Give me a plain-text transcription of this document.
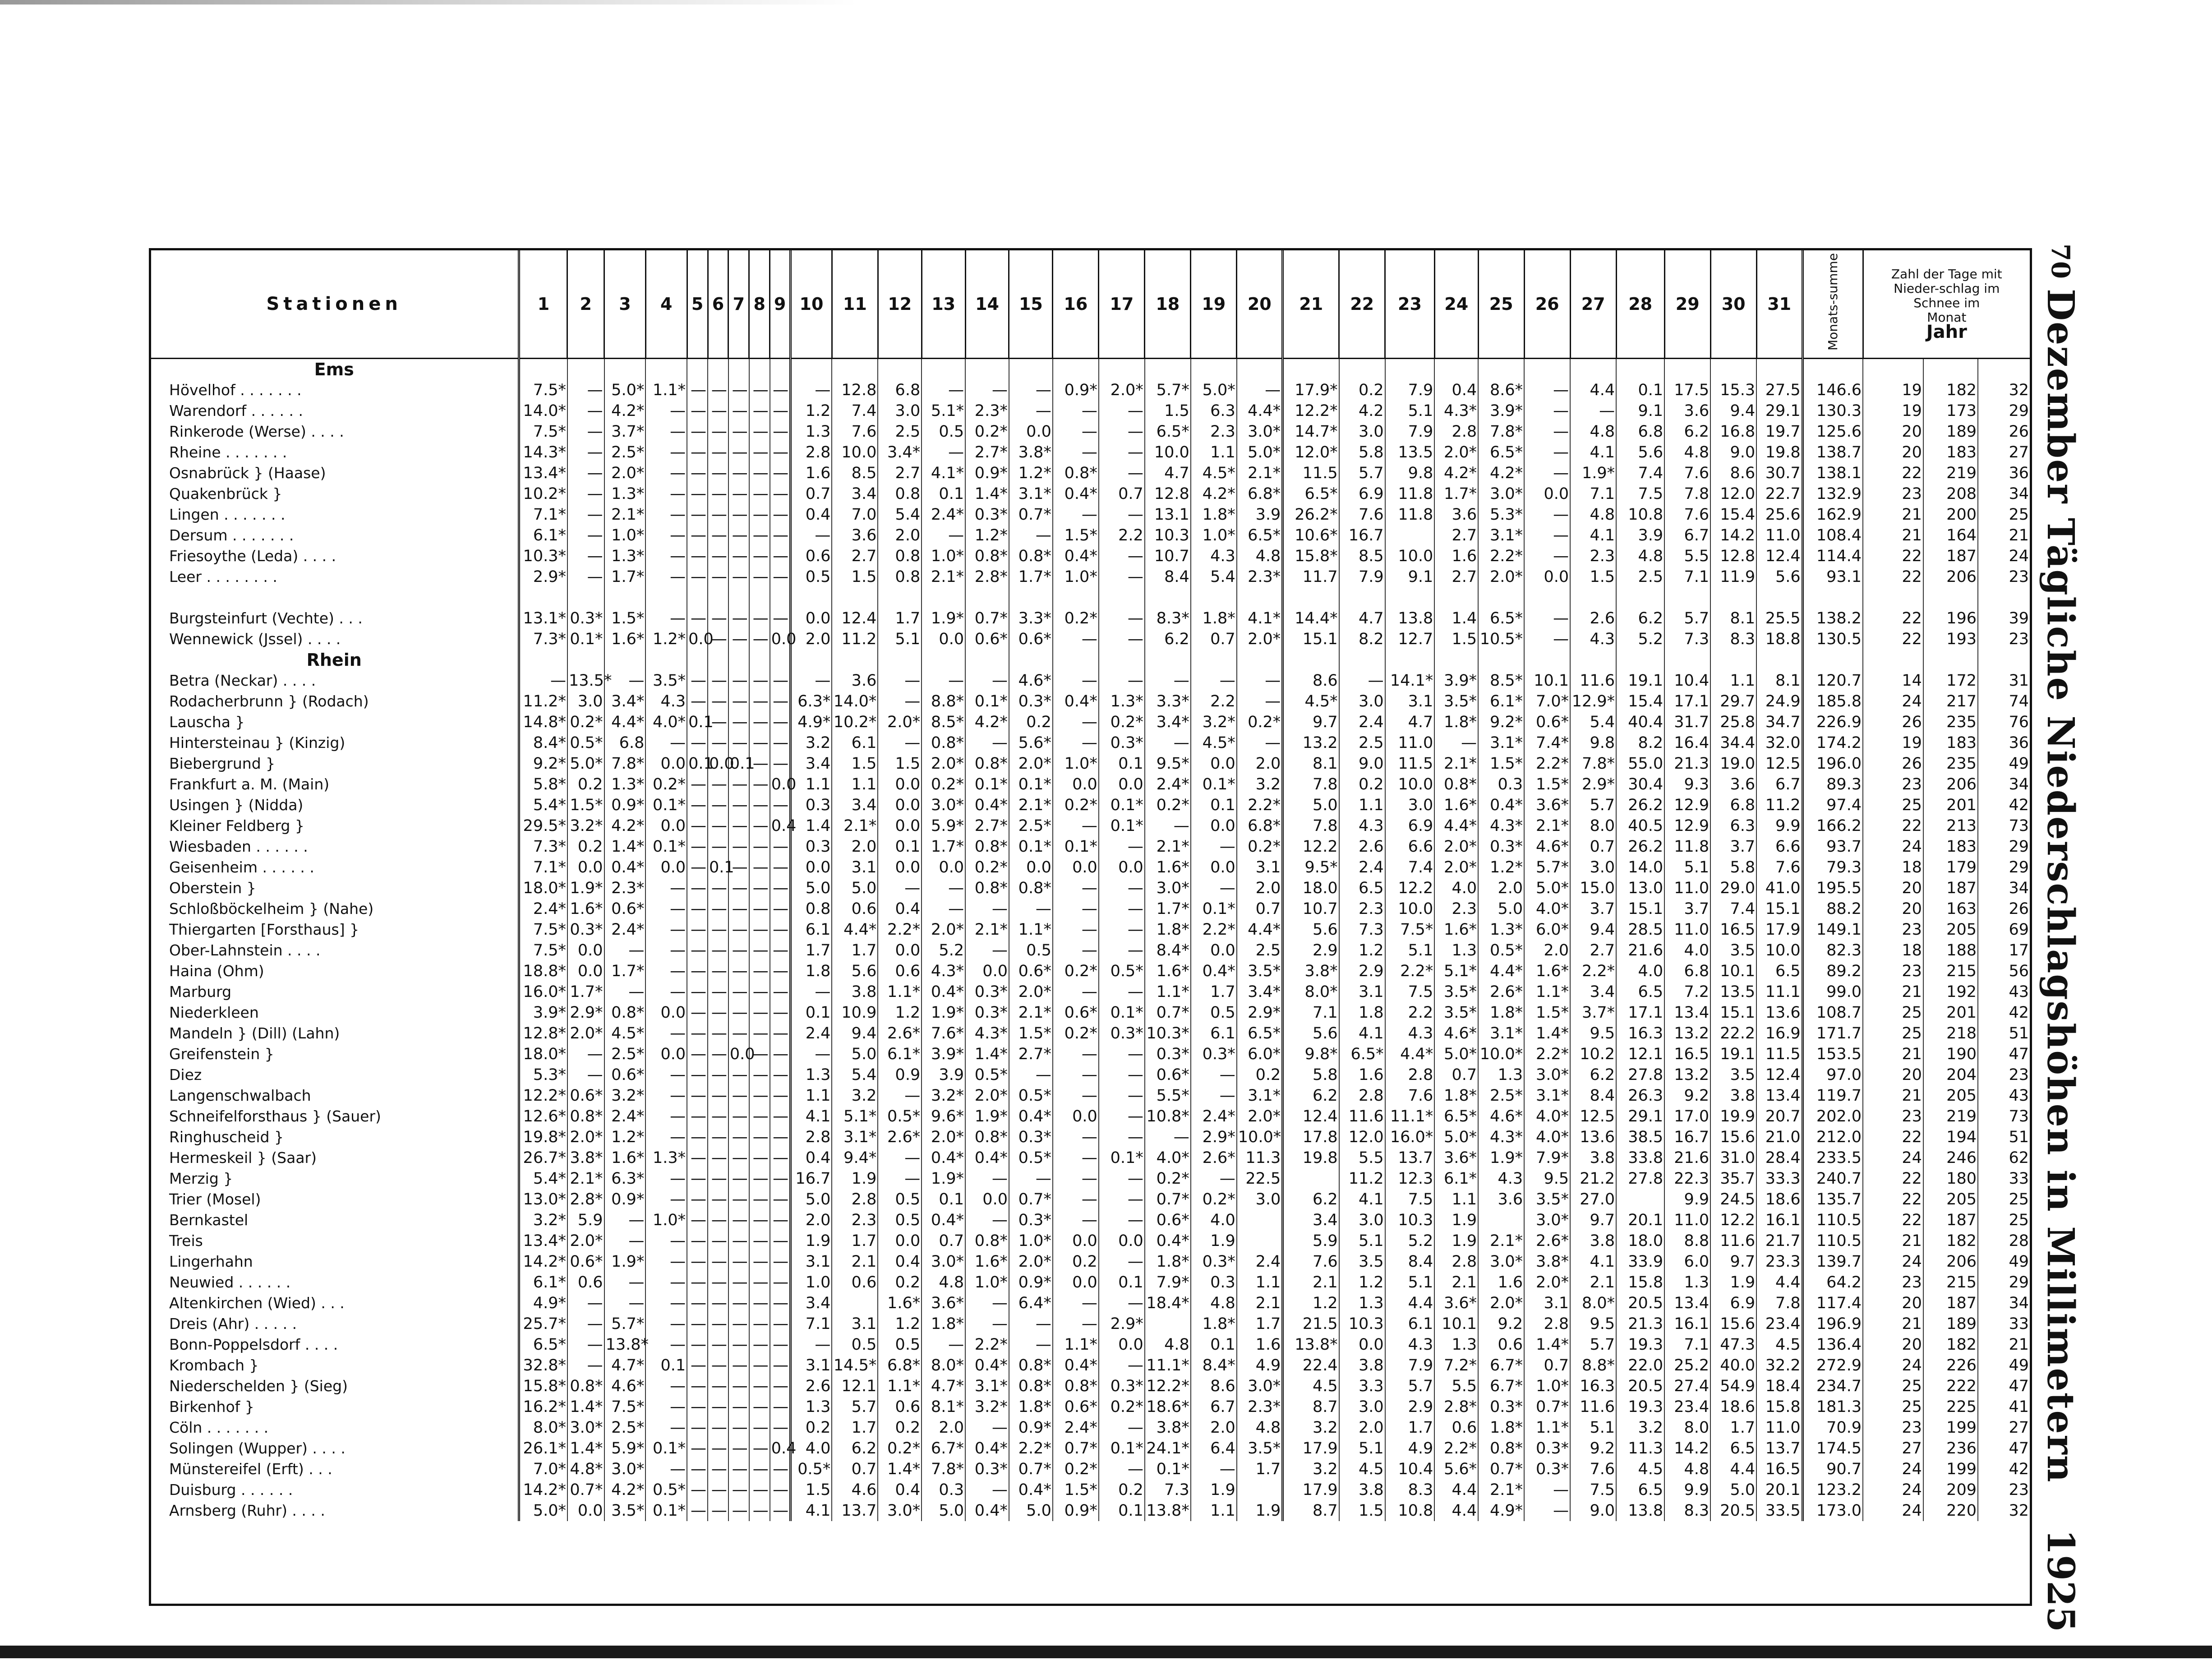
70
Dezember Tägliche Niederschlagshöhen in Millimetern
1925
Stationen	1	2	3	4	5	6	7	8	9	10	11	12	13	14	15	16	17	18	19	20	21	22	23	24	25	26	27	28	29	30	31	Monats-summe	Zahl der Tage mit
Nieder-schlag im
Schnee im
Monat
Jahr		

Ems																																			
Hövelhof . . . . . . .	7.5*	—	5.0*	1.1*	—	—	—	—	—	—	12.8	6.8	—	—	—	0.9*	2.0*	5.7*	5.0*	—	17.9*	0.2	7.9	0.4	8.6*	—	4.4	0.1	17.5	15.3	27.5	146.6	19	182	32
Warendorf . . . . . .	14.0*	—	4.2*	—	—	—	—	—	—	1.2	7.4	3.0	5.1*	2.3*	—	—	—	1.5	6.3	4.4*	12.2*	4.2	5.1	4.3*	3.9*	—	—	9.1	3.6	9.4	29.1	130.3	19	173	29
Rinkerode (Werse) . . . .	7.5*	—	3.7*	—	—	—	—	—	—	1.3	7.6	2.5	0.5	0.2*	0.0	—	—	6.5*	2.3	3.0*	14.7*	3.0	7.9	2.8	7.8*	—	4.8	6.8	6.2	16.8	19.7	125.6	20	189	26
Rheine . . . . . . .	14.3*	—	2.5*	—	—	—	—	—	—	2.8	10.0	3.4*	—	2.7*	3.8*	—	—	10.0	1.1	5.0*	12.0*	5.8	13.5	2.0*	6.5*	—	4.1	5.6	4.8	9.0	19.8	138.7	20	183	27
Osnabrück } (Haase)	13.4*	—	2.0*	—	—	—	—	—	—	1.6	8.5	2.7	4.1*	0.9*	1.2*	0.8*	—	4.7	4.5*	2.1*	11.5	5.7	9.8	4.2*	4.2*	—	1.9*	7.4	7.6	8.6	30.7	138.1	22	219	36
Quakenbrück }	10.2*	—	1.3*	—	—	—	—	—	—	0.7	3.4	0.8	0.1	1.4*	3.1*	0.4*	0.7	12.8	4.2*	6.8*	6.5*	6.9	11.8	1.7*	3.0*	0.0	7.1	7.5	7.8	12.0	22.7	132.9	23	208	34
Lingen . . . . . . .	7.1*	—	2.1*	—	—	—	—	—	—	0.4	7.0	5.4	2.4*	0.3*	0.7*	—	—	13.1	1.8*	3.9	26.2*	7.6	11.8	3.6	5.3*	—	4.8	10.8	7.6	15.4	25.6	162.9	21	200	25
Dersum . . . . . . .	6.1*	—	1.0*	—	—	—	—	—	—	—	3.6	2.0	—	1.2*	—	1.5*	2.2	10.3	1.0*	6.5*	10.6*	16.7		2.7	3.1*	—	4.1	3.9	6.7	14.2	11.0	108.4	21	164	21
Friesoythe (Leda) . . . .	10.3*	—	1.3*	—	—	—	—	—	—	0.6	2.7	0.8	1.0*	0.8*	0.8*	0.4*	—	10.7	4.3	4.8	15.8*	8.5	10.0	1.6	2.2*	—	2.3	4.8	5.5	12.8	12.4	114.4	22	187	24
Leer . . . . . . . .	2.9*	—	1.7*	—	—	—	—	—	—	0.5	1.5	0.8	2.1*	2.8*	1.7*	1.0*	—	8.4	5.4	2.3*	11.7	7.9	9.1	2.7	2.0*	0.0	1.5	2.5	7.1	11.9	5.6	93.1	22	206	23

Burgsteinfurt (Vechte) . . .	13.1*	0.3*	1.5*	—	—	—	—	—	—	0.0	12.4	1.7	1.9*	0.7*	3.3*	0.2*	—	8.3*	1.8*	4.1*	14.4*	4.7	13.8	1.4	6.5*	—	2.6	6.2	5.7	8.1	25.5	138.2	22	196	39
Wennewick (Jssel) . . . .	7.3*	0.1*	1.6*	1.2*	0.0	—	—	—	0.0	2.0	11.2	5.1	0.0	0.6*	0.6*	—	—	6.2	0.7	2.0*	15.1	8.2	12.7	1.5	10.5*	—	4.3	5.2	7.3	8.3	18.8	130.5	22	193	23
Rhein																																			
Betra (Neckar) . . . .	—	13.5*	—	3.5*	—	—	—	—	—	—	3.6	—	—	—	4.6*	—	—	—	—	—	8.6	—	14.1*	3.9*	8.5*	10.1	11.6	19.1	10.4	1.1	8.1	120.7	14	172	31
Rodacherbrunn } (Rodach)	11.2*	3.0	3.4*	4.3	—	—	—	—	—	6.3*	14.0*	—	8.8*	0.1*	0.3*	0.4*	1.3*	3.3*	2.2	—	4.5*	3.0	3.1	3.5*	6.1*	7.0*	12.9*	15.4	17.1	29.7	24.9	185.8	24	217	74
Lauscha }	14.8*	0.2*	4.4*	4.0*	0.1	—	—	—	—	4.9*	10.2*	2.0*	8.5*	4.2*	0.2	—	0.2*	3.4*	3.2*	0.2*	9.7	2.4	4.7	1.8*	9.2*	0.6*	5.4	40.4	31.7	25.8	34.7	226.9	26	235	76
Hintersteinau } (Kinzig)	8.4*	0.5*	6.8	—	—	—	—	—	—	3.2	6.1	—	0.8*	—	5.6*	—	0.3*	—	4.5*	—	13.2	2.5	11.0	—	3.1*	7.4*	9.8	8.2	16.4	34.4	32.0	174.2	19	183	36
Biebergrund }	9.2*	5.0*	7.8*	0.0	0.1	0.0	0.1	—	—	3.4	1.5	1.5	2.0*	0.8*	2.0*	1.0*	0.1	9.5*	0.0	2.0	8.1	9.0	11.5	2.1*	1.5*	2.2*	7.8*	55.0	21.3	19.0	12.5	196.0	26	235	49
Frankfurt a. M. (Main)	5.8*	0.2	1.3*	0.2*	—	—	—	—	0.0	1.1	1.1	0.0	0.2*	0.1*	0.1*	0.0	0.0	2.4*	0.1*	3.2	7.8	0.2	10.0	0.8*	0.3	1.5*	2.9*	30.4	9.3	3.6	6.7	89.3	23	206	34
Usingen } (Nidda)	5.4*	1.5*	0.9*	0.1*	—	—	—	—	—	0.3	3.4	0.0	3.0*	0.4*	2.1*	0.2*	0.1*	0.2*	0.1	2.2*	5.0	1.1	3.0	1.6*	0.4*	3.6*	5.7	26.2	12.9	6.8	11.2	97.4	25	201	42
Kleiner Feldberg }	29.5*	3.2*	4.2*	0.0	—	—	—	—	0.4	1.4	2.1*	0.0	5.9*	2.7*	2.5*	—	0.1*	—	0.0	6.8*	7.8	4.3	6.9	4.4*	4.3*	2.1*	8.0	40.5	12.9	6.3	9.9	166.2	22	213	73
Wiesbaden . . . . . .	7.3*	0.2	1.4*	0.1*	—	—	—	—	—	0.3	2.0	0.1	1.7*	0.8*	0.1*	0.1*	—	2.1*	—	0.2*	12.2	2.6	6.6	2.0*	0.3*	4.6*	0.7	26.2	11.8	3.7	6.6	93.7	24	183	29
Geisenheim . . . . . .	7.1*	0.0	0.4*	0.0	—	0.1	—	—	—	0.0	3.1	0.0	0.0	0.2*	0.0	0.0	0.0	1.6*	0.0	3.1	9.5*	2.4	7.4	2.0*	1.2*	5.7*	3.0	14.0	5.1	5.8	7.6	79.3	18	179	29
Oberstein }	18.0*	1.9*	2.3*	—	—	—	—	—	—	5.0	5.0	—	—	0.8*	0.8*	—	—	3.0*	—	2.0	18.0	6.5	12.2	4.0	2.0	5.0*	15.0	13.0	11.0	29.0	41.0	195.5	20	187	34
Schloßböckelheim } (Nahe)	2.4*	1.6*	0.6*	—	—	—	—	—	—	0.8	0.6	0.4	—	—	—	—	—	1.7*	0.1*	0.7	10.7	2.3	10.0	2.3	5.0	4.0*	3.7	15.1	3.7	7.4	15.1	88.2	20	163	26
Thiergarten [Forsthaus] }	7.5*	0.3*	2.4*	—	—	—	—	—	—	6.1	4.4*	2.2*	2.0*	2.1*	1.1*	—	—	1.8*	2.2*	4.4*	5.6	7.3	7.5*	1.6*	1.3*	6.0*	9.4	28.5	11.0	16.5	17.9	149.1	23	205	69
Ober-Lahnstein . . . .	7.5*	0.0	—	—	—	—	—	—	—	1.7	1.7	0.0	5.2	—	0.5	—	—	8.4*	0.0	2.5	2.9	1.2	5.1	1.3	0.5*	2.0	2.7	21.6	4.0	3.5	10.0	82.3	18	188	17
Haina (Ohm)	18.8*	0.0	1.7*	—	—	—	—	—	—	1.8	5.6	0.6	4.3*	0.0	0.6*	0.2*	0.5*	1.6*	0.4*	3.5*	3.8*	2.9	2.2*	5.1*	4.4*	1.6*	2.2*	4.0	6.8	10.1	6.5	89.2	23	215	56
Marburg	16.0*	1.7*	—	—	—	—	—	—	—	—	3.8	1.1*	0.4*	0.3*	2.0*	—	—	1.1*	1.7	3.4*	8.0*	3.1	7.5	3.5*	2.6*	1.1*	3.4	6.5	7.2	13.5	11.1	99.0	21	192	43
Niederkleen	3.9*	2.9*	0.8*	0.0	—	—	—	—	—	0.1	10.9	1.2	1.9*	0.3*	2.1*	0.6*	0.1*	0.7*	0.5	2.9*	7.1	1.8	2.2	3.5*	1.8*	1.5*	3.7*	17.1	13.4	15.1	13.6	108.7	25	201	42
Mandeln } (Dill) (Lahn)	12.8*	2.0*	4.5*	—	—	—	—	—	—	2.4	9.4	2.6*	7.6*	4.3*	1.5*	0.2*	0.3*	10.3*	6.1	6.5*	5.6	4.1	4.3	4.6*	3.1*	1.4*	9.5	16.3	13.2	22.2	16.9	171.7	25	218	51
Greifenstein }	18.0*	—	2.5*	0.0	—	—	0.0	—	—	—	5.0	6.1*	3.9*	1.4*	2.7*	—	—	0.3*	0.3*	6.0*	9.8*	6.5*	4.4*	5.0*	10.0*	2.2*	10.2	12.1	16.5	19.1	11.5	153.5	21	190	47
Diez	5.3*	—	0.6*	—	—	—	—	—	—	1.3	5.4	0.9	3.9	0.5*	—	—	—	0.6*	—	0.2	5.8	1.6	2.8	0.7	1.3	3.0*	6.2	27.8	13.2	3.5	12.4	97.0	20	204	23
Langenschwalbach	12.2*	0.6*	3.2*	—	—	—	—	—	—	1.1	3.2	—	3.2*	2.0*	0.5*	—	—	5.5*	—	3.1*	6.2	2.8	7.6	1.8*	2.5*	3.1*	8.4	26.3	9.2	3.8	13.4	119.7	21	205	43
Schneifelforsthaus } (Sauer)	12.6*	0.8*	2.4*	—	—	—	—	—	—	4.1	5.1*	0.5*	9.6*	1.9*	0.4*	0.0	—	10.8*	2.4*	2.0*	12.4	11.6	11.1*	6.5*	4.6*	4.0*	12.5	29.1	17.0	19.9	20.7	202.0	23	219	73
Ringhuscheid }	19.8*	2.0*	1.2*	—	—	—	—	—	—	2.8	3.1*	2.6*	2.0*	0.8*	0.3*	—	—	—	2.9*	10.0*	17.8	12.0	16.0*	5.0*	4.3*	4.0*	13.6	38.5	16.7	15.6	21.0	212.0	22	194	51
Hermeskeil } (Saar)	26.7*	3.8*	1.6*	1.3*	—	—	—	—	—	0.4	9.4*	—	0.4*	0.4*	0.5*	—	0.1*	4.0*	2.6*	11.3	19.8	5.5	13.7	3.6*	1.9*	7.9*	3.8	33.8	21.6	31.0	28.4	233.5	24	246	62
Merzig }	5.4*	2.1*	6.3*	—	—	—	—	—	—	16.7	1.9	—	1.9*	—	—	—	—	0.2*	—	22.5		11.2	12.3	6.1*	4.3	9.5	21.2	27.8	22.3	35.7	33.3	240.7	22	180	33
Trier (Mosel)	13.0*	2.8*	0.9*	—	—	—	—	—	—	5.0	2.8	0.5	0.1	0.0	0.7*	—	—	0.7*	0.2*	3.0	6.2	4.1	7.5	1.1	3.6	3.5*	27.0		9.9	24.5	18.6	135.7	22	205	25
Bernkastel	3.2*	5.9	—	1.0*	—	—	—	—	—	2.0	2.3	0.5	0.4*	—	0.3*	—	—	0.6*	4.0		3.4	3.0	10.3	1.9		3.0*	9.7	20.1	11.0	12.2	16.1	110.5	22	187	25
Treis	13.4*	2.0*	—	—	—	—	—	—	—	1.9	1.7	0.0	0.7	0.8*	1.0*	0.0	0.0	0.4*	1.9		5.9	5.1	5.2	1.9	2.1*	2.6*	3.8	18.0	8.8	11.6	21.7	110.5	21	182	28
Lingerhahn	14.2*	0.6*	1.9*	—	—	—	—	—	—	3.1	2.1	0.4	3.0*	1.6*	2.0*	0.2	—	1.8*	0.3*	2.4	7.6	3.5	8.4	2.8	3.0*	3.8*	4.1	33.9	6.0	9.7	23.3	139.7	24	206	49
Neuwied . . . . . .	6.1*	0.6	—	—	—	—	—	—	—	1.0	0.6	0.2	4.8	1.0*	0.9*	0.0	0.1	7.9*	0.3	1.1	2.1	1.2	5.1	2.1	1.6	2.0*	2.1	15.8	1.3	1.9	4.4	64.2	23	215	29
Altenkirchen (Wied) . . .	4.9*	—	—	—	—	—	—	—	—	3.4		1.6*	3.6*	—	6.4*	—	—	18.4*	4.8	2.1	1.2	1.3	4.4	3.6*	2.0*	3.1	8.0*	20.5	13.4	6.9	7.8	117.4	20	187	34
Dreis (Ahr) . . . . .	25.7*	—	5.7*	—	—	—	—	—	—	7.1	3.1	1.2	1.8*	—	—	—	2.9*		1.8*	1.7	21.5	10.3	6.1	10.1	9.2	2.8	9.5	21.3	16.1	15.6	23.4	196.9	21	189	33
Bonn-Poppelsdorf . . . .	6.5*	—	13.8*	—	—	—	—	—	—	—	0.5	0.5	—	2.2*	—	1.1*	0.0	4.8	0.1	1.6	13.8*	0.0	4.3	1.3	0.6	1.4*	5.7	19.3	7.1	47.3	4.5	136.4	20	182	21
Krombach }	32.8*	—	4.7*	0.1	—	—	—	—	—	3.1	14.5*	6.8*	8.0*	0.4*	0.8*	0.4*	—	11.1*	8.4*	4.9	22.4	3.8	7.9	7.2*	6.7*	0.7	8.8*	22.0	25.2	40.0	32.2	272.9	24	226	49
Niederschelden } (Sieg)	15.8*	0.8*	4.6*	—	—	—	—	—	—	2.6	12.1	1.1*	4.7*	3.1*	0.8*	0.8*	0.3*	12.2*	8.6	3.0*	4.5	3.3	5.7	5.5	6.7*	1.0*	16.3	20.5	27.4	54.9	18.4	234.7	25	222	47
Birkenhof }	16.2*	1.4*	7.5*	—	—	—	—	—	—	1.3	5.7	0.6	8.1*	3.2*	1.8*	0.6*	0.2*	18.6*	6.7	2.3*	8.7	3.0	2.9	2.8*	0.3*	0.7*	11.6	19.3	23.4	18.6	15.8	181.3	25	225	41
Cöln . . . . . . .	8.0*	3.0*	2.5*	—	—	—	—	—	—	0.2	1.7	0.2	2.0	—	0.9*	2.4*	—	3.8*	2.0	4.8	3.2	2.0	1.7	0.6	1.8*	1.1*	5.1	3.2	8.0	1.7	11.0	70.9	23	199	27
Solingen (Wupper) . . . .	26.1*	1.4*	5.9*	0.1*	—	—	—	—	0.4	4.0	6.2	0.2*	6.7*	0.4*	2.2*	0.7*	0.1*	24.1*	6.4	3.5*	17.9	5.1	4.9	2.2*	0.8*	0.3*	9.2	11.3	14.2	6.5	13.7	174.5	27	236	47
Münstereifel (Erft) . . .	7.0*	4.8*	3.0*	—	—	—	—	—	—	0.5*	0.7	1.4*	7.8*	0.3*	0.7*	0.2*	—	0.1*	—	1.7	3.2	4.5	10.4	5.6*	0.7*	0.3*	7.6	4.5	4.8	4.4	16.5	90.7	24	199	42
Duisburg . . . . . .	14.2*	0.7*	4.2*	0.5*	—	—	—	—	—	1.5	4.6	0.4	0.3	—	0.4*	1.5*	0.2	7.3	1.9		17.9	3.8	8.3	4.4	2.1*	—	7.5	6.5	9.9	5.0	20.1	123.2	24	209	23
Arnsberg (Ruhr) . . . .	5.0*	0.0	3.5*	0.1*	—	—	—	—	—	4.1	13.7	3.0*	5.0	0.4*	5.0	0.9*	0.1	13.8*	1.1	1.9	8.7	1.5	10.8	4.4	4.9*	—	9.0	13.8	8.3	20.5	33.5	173.0	24	220	32
